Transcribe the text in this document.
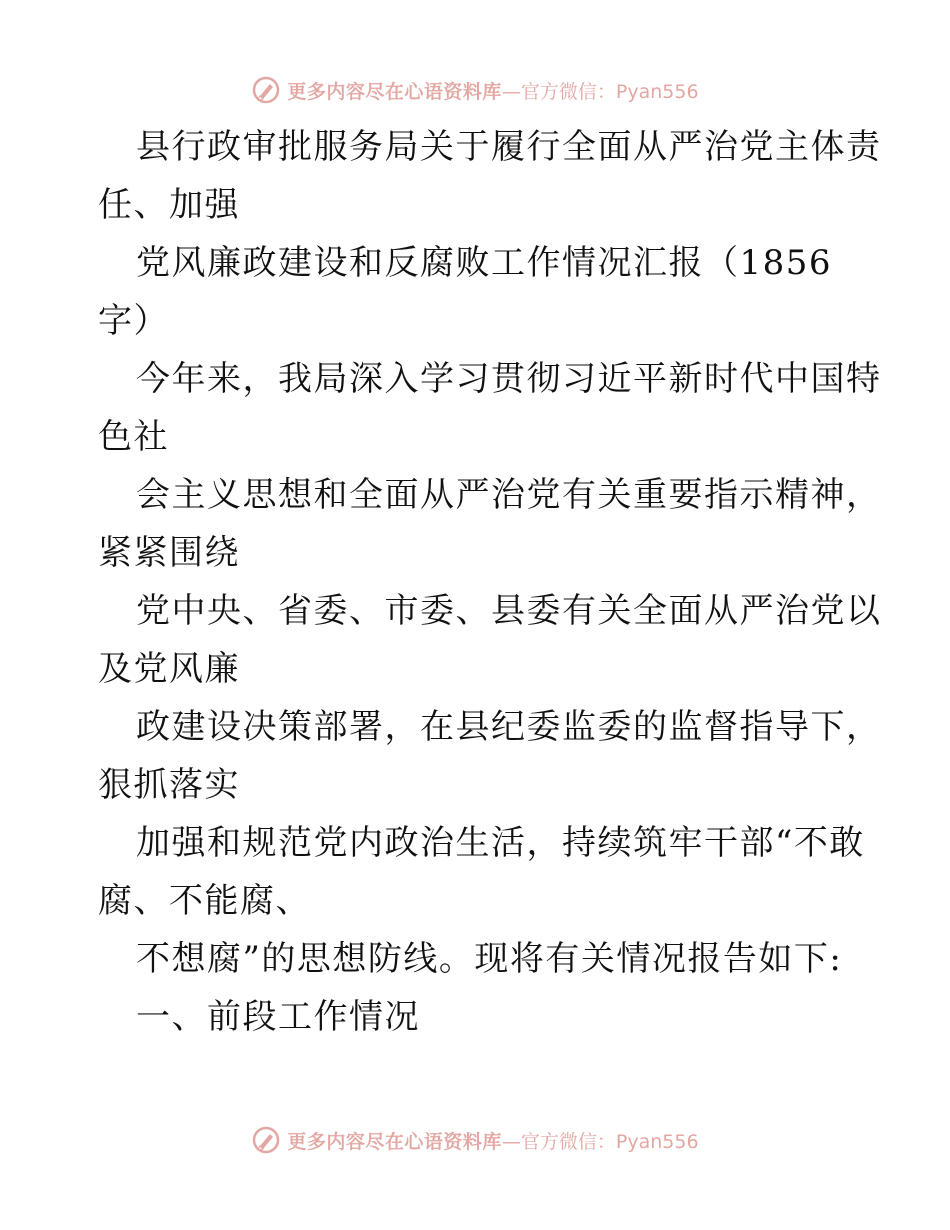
更多内容尽在心语资料库 —官方微信：Pyan556
县行政审批服务局关于履行全面从严治党主体责
任、加强
党风廉政建设和反腐败工作情况汇报（1856
字）
今年来，我局深入学习贯彻习近平新时代中国特
色社
会主义思想和全面从严治党有关重要指示精神，
紧紧围绕
党中央、省委、市委、县委有关全面从严治党以
及党风廉
政建设决策部署，在县纪委监委的监督指导下，
狠抓落实
加强和规范党内政治生活，持续筑牢干部“不敢
腐、不能腐、
不想腐”的思想防线。现将有关情况报告如下:
一、前段工作情况
更多内容尽在心语资料库 —官方微信：Pyan556
